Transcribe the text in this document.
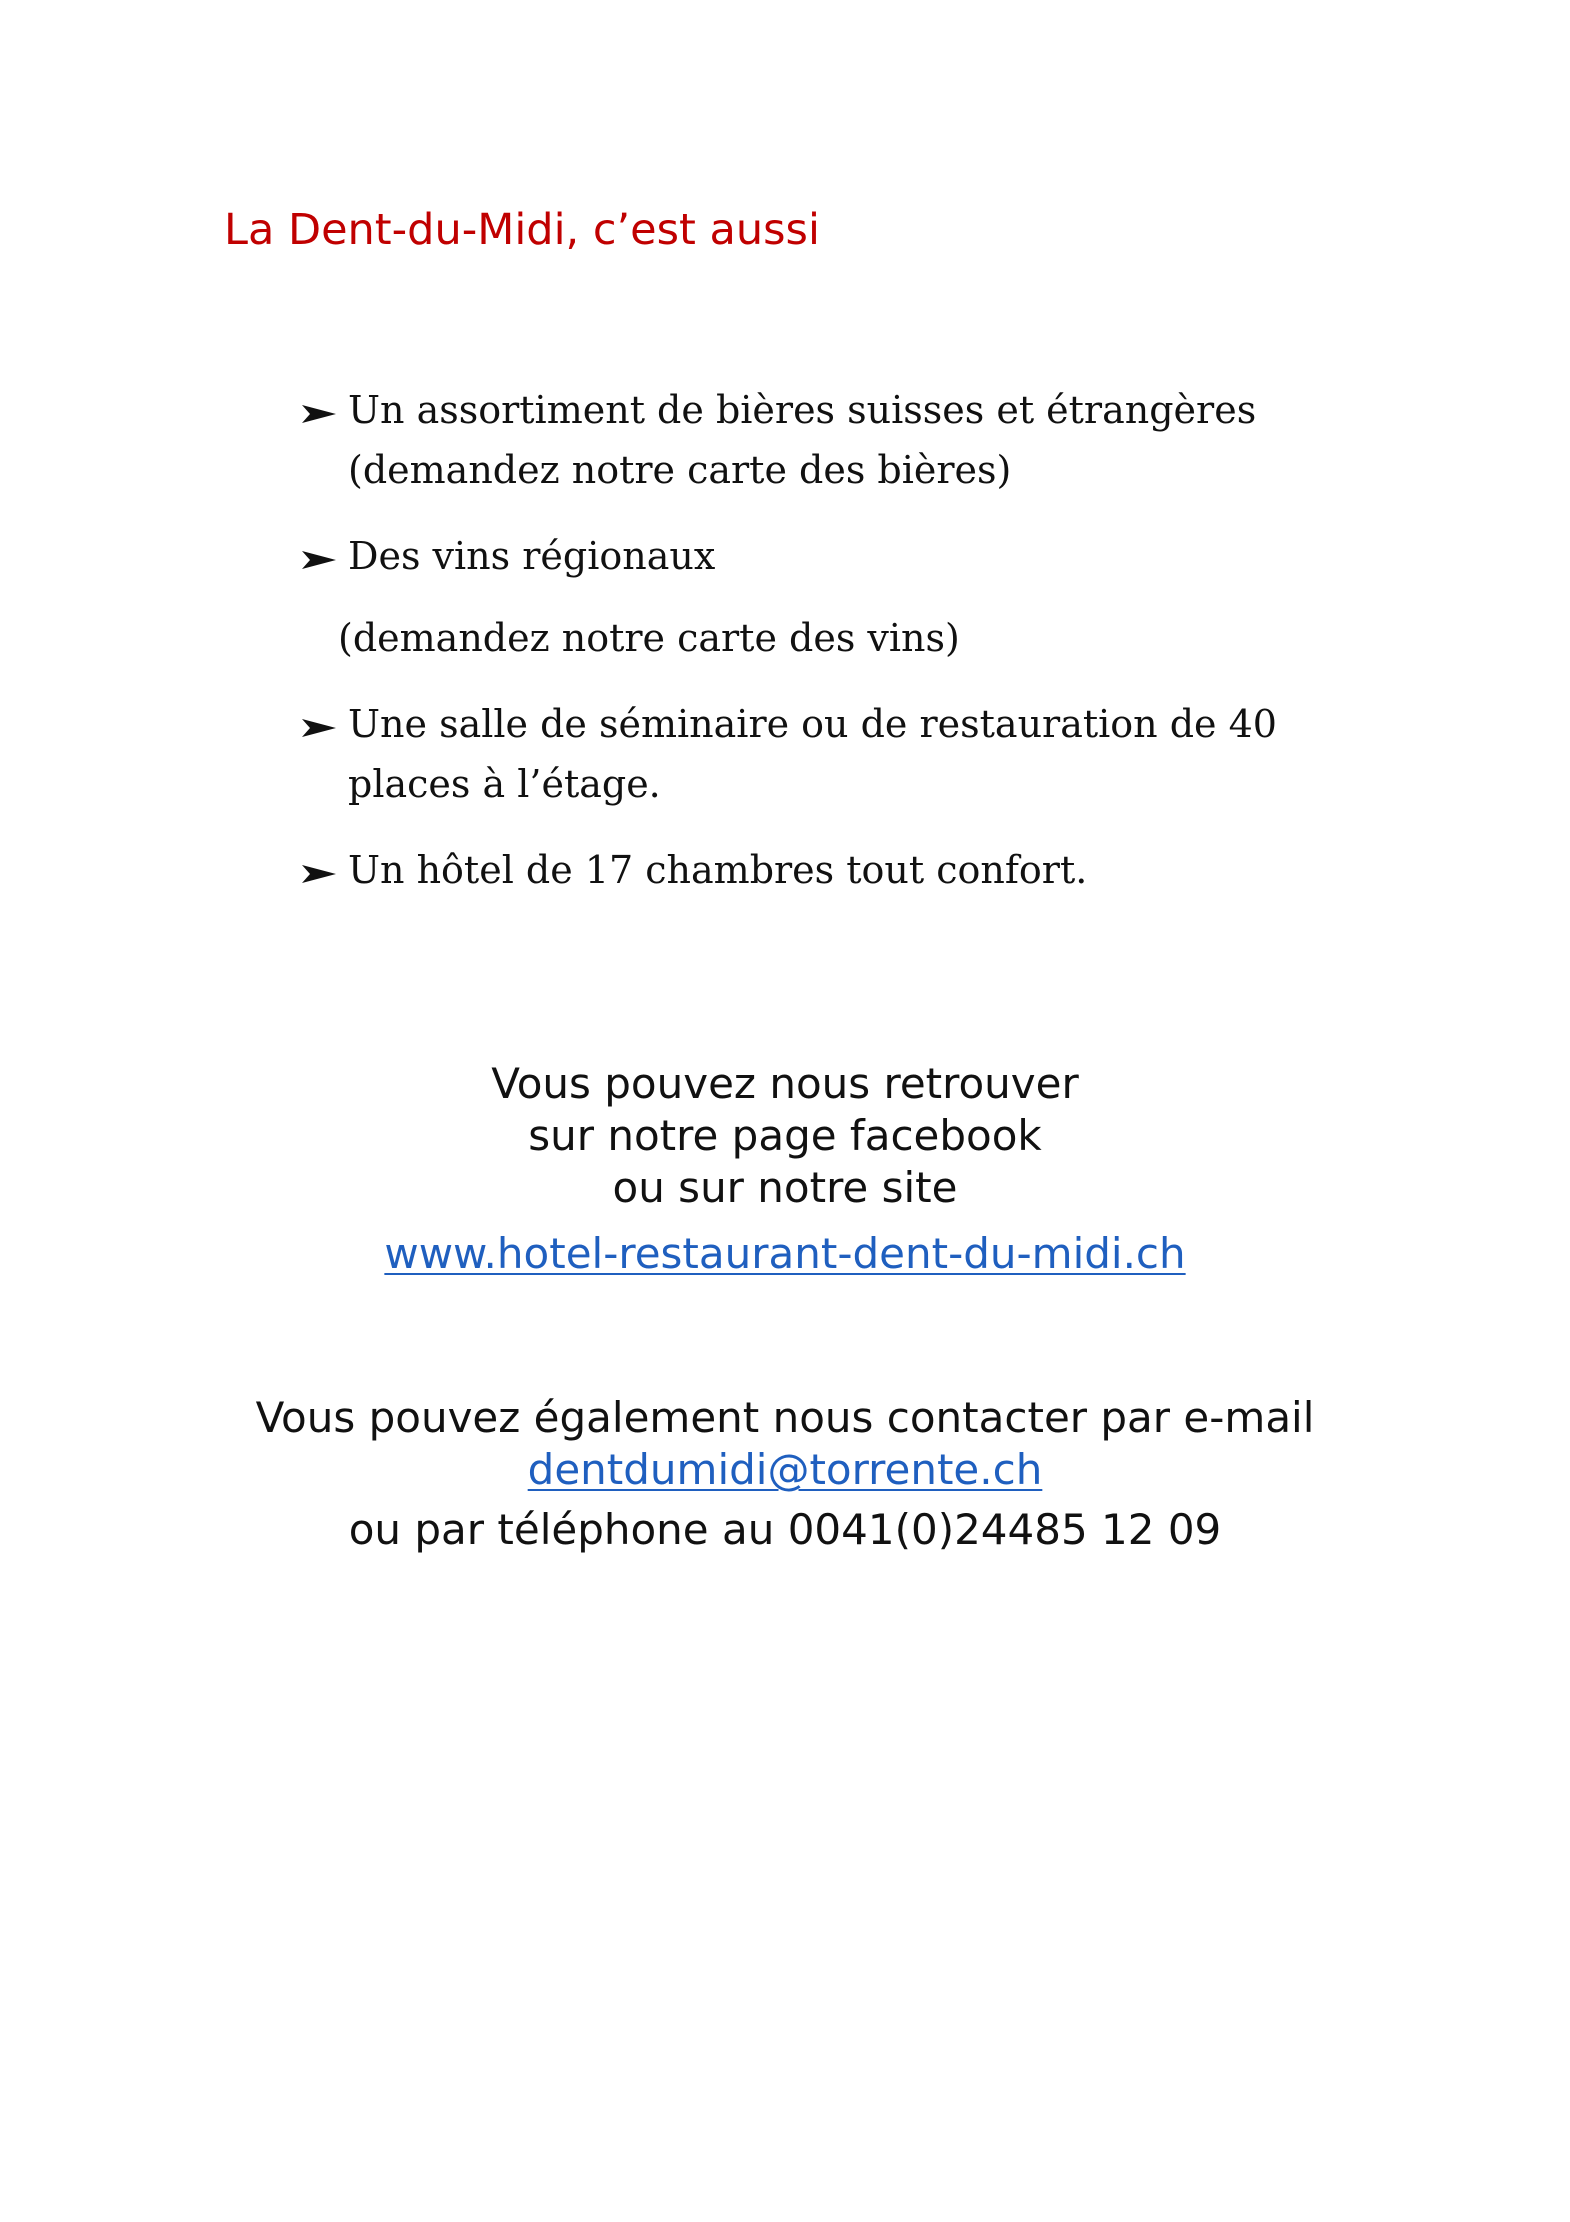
La Dent-du-Midi, c’est aussi
Un assortiment de bières suisses et étrangères
(demandez notre carte des bières)
Des vins régionaux
(demandez notre carte des vins)
Une salle de séminaire ou de restauration de 40
places à l’étage.
Un hôtel de 17 chambres tout confort.
Vous pouvez nous retrouver
sur notre page facebook
ou sur notre site
www.hotel-restaurant-dent-du-midi.ch
Vous pouvez également nous contacter par e-mail
dentdumidi@torrente.ch
ou par téléphone au 0041(0)24485 12 09
